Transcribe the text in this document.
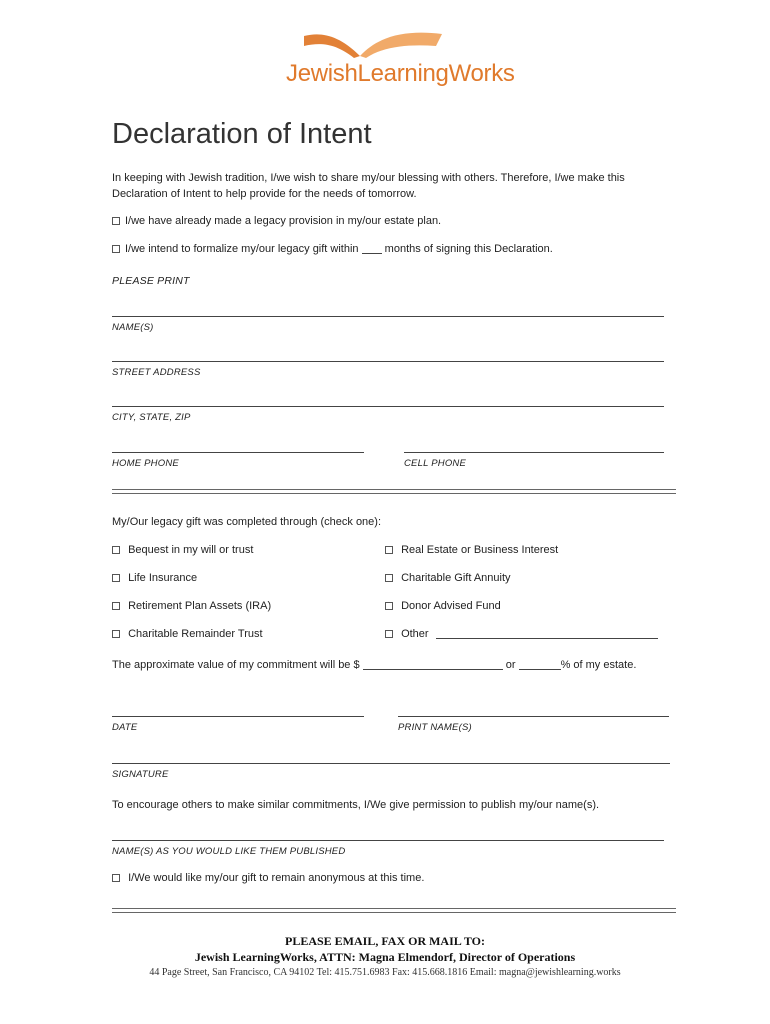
JewishLearningWorks
Declaration of Intent
In keeping with Jewish tradition, I/we wish to share my/our blessing with others. Therefore, I/we make this Declaration of Intent to help provide for the needs of tomorrow.
I/we have already made a legacy provision in my/our estate plan.
I/we intend to formalize my/our legacy gift within months of signing this Declaration.
PLEASE PRINT
NAME(S)
STREET ADDRESS
CITY, STATE, ZIP
HOME PHONE	CELL PHONE
My/Our legacy gift was completed through (check one):
Bequest in my will or trust	Real Estate or Business Interest
Life Insurance	Charitable Gift Annuity
Retirement Plan Assets (IRA)	Donor Advised Fund
Charitable Remainder Trust	Other
The approximate value of my commitment will be $	or	% of my estate.
DATE	PRINT NAME(S)
SIGNATURE
To encourage others to make similar commitments, I/We give permission to publish my/our name(s).
NAME(S) AS YOU WOULD LIKE THEM PUBLISHED
I/We would like my/our gift to remain anonymous at this time.
PLEASE EMAIL, FAX OR MAIL TO:
Jewish LearningWorks, ATTN: Magna Elmendorf, Director of Operations
44 Page Street, San Francisco, CA 94102 Tel: 415.751.6983 Fax: 415.668.1816 Email: magna@jewishlearning.works
